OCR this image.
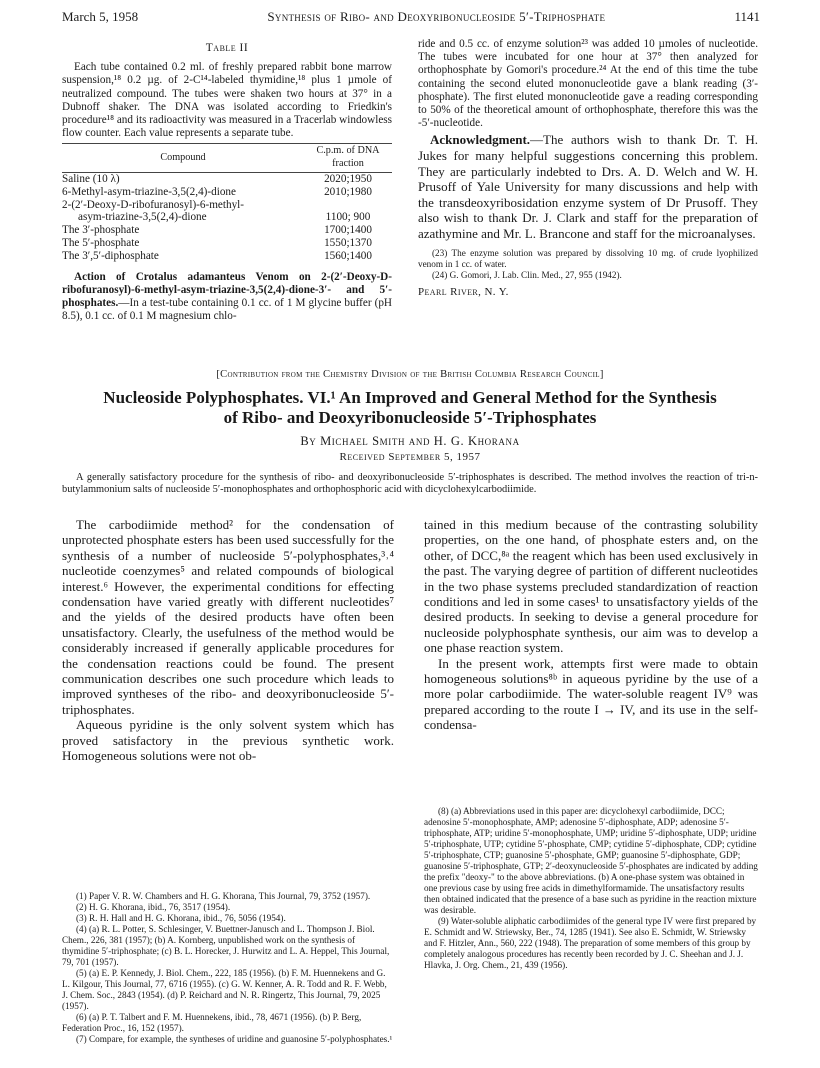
March 5, 1958	Synthesis of Ribo- and Deoxyribonucleoside 5′-Triphosphate	1141
Table II
Each tube contained 0.2 ml. of freshly prepared rabbit bone marrow suspension,¹⁸ 0.2 µg. of 2-C¹⁴-labeled thymidine,¹⁸ plus 1 µmole of neutralized compound. The tubes were shaken two hours at 37° in a Dubnoff shaker. The DNA was isolated according to Friedkin's procedure¹⁸ and its radioactivity was measured in a Tracerlab windowless flow counter. Each value represents a separate tube.
Compound	C.p.m. of DNA fraction
Saline (10 λ)	2020;1950
6-Methyl-asym-triazine-3,5(2,4)-dione	2010;1980
2-(2′-Deoxy-D-ribofuranosyl)-6-methyl-	
asym-triazine-3,5(2,4)-dione	1100; 900
The 3′-phosphate	1700;1400
The 5′-phosphate	1550;1370
The 3′,5′-diphosphate	1560;1400
Action of Crotalus adamanteus Venom on 2-(2′-Deoxy-D-ribofuranosyl)-6-methyl-asym-triazine-3,5(2,4)-dione-3′- and 5′-phosphates.—In a test-tube containing 0.1 cc. of 1 M glycine buffer (pH 8.5), 0.1 cc. of 0.1 M magnesium chlo-
ride and 0.5 cc. of enzyme solution²³ was added 10 µmoles of nucleotide. The tubes were incubated for one hour at 37° then analyzed for orthophosphate by Gomori's procedure.²⁴ At the end of this time the tube containing the second eluted mononucleotide gave a blank reading (3′-phosphate). The first eluted mononucleotide gave a reading corresponding to 50% of the theoretical amount of orthophosphate, therefore this was the -5′-nucleotide.
Acknowledgment.—The authors wish to thank Dr. T. H. Jukes for many helpful suggestions concerning this problem. They are particularly indebted to Drs. A. D. Welch and W. H. Prusoff of Yale University for many discussions and help with the transdeoxyribosidation enzyme system of Dr Prusoff. They also wish to thank Dr. J. Clark and staff for the preparation of azathymine and Mr. L. Brancone and staff for the microanalyses.

(23) The enzyme solution was prepared by dissolving 10 mg. of crude lyophilized venom in 1 cc. of water.

(24) G. Gomori, J. Lab. Clin. Med., 27, 955 (1942).

Pearl River, N. Y.
[Contribution from the Chemistry Division of the British Columbia Research Council]
Nucleoside Polyphosphates. VI.¹ An Improved and General Method for the Synthesis
of Ribo- and Deoxyribonucleoside 5′-Triphosphates
By Michael Smith and H. G. Khorana
Received September 5, 1957
A generally satisfactory procedure for the synthesis of ribo- and deoxyribonucleoside 5′-triphosphates is described. The method involves the reaction of tri-n-butylammonium salts of nucleoside 5′-monophosphates and orthophosphoric acid with dicyclohexylcarbodiimide.

The carbodiimide method² for the condensation of unprotected phosphate esters has been used successfully for the synthesis of a number of nucleoside 5′-polyphosphates,³˒⁴ nucleotide coenzymes⁵ and related compounds of biological interest.⁶ However, the experimental conditions for effecting condensation have varied greatly with different nucleotides⁷ and the yields of the desired products have often been unsatisfactory. Clearly, the usefulness of the method would be considerably increased if generally applicable procedures for the condensation reactions could be found. The present communication describes one such procedure which leads to improved syntheses of the ribo- and deoxyribonucleoside 5′-triphosphates.

Aqueous pyridine is the only solvent system which has proved satisfactory in the previous synthetic work. Homogeneous solutions were not ob-

tained in this medium because of the contrasting solubility properties, on the one hand, of phosphate esters and, on the other, of DCC,⁸ᵃ the reagent which has been used exclusively in the past. The varying degree of partition of different nucleotides in the two phase systems precluded standardization of reaction conditions and led in some cases¹ to unsatisfactory yields of the desired products. In seeking to devise a general procedure for nucleoside polyphosphate synthesis, our aim was to develop a one phase reaction system.

In the present work, attempts first were made to obtain homogeneous solutions⁸ᵇ in aqueous pyridine by the use of a more polar carbodiimide. The water-soluble reagent IV⁹ was prepared according to the route I → IV, and its use in the self-condensa-

(1) Paper V. R. W. Chambers and H. G. Khorana, This Journal, 79, 3752 (1957).

(2) H. G. Khorana, ibid., 76, 3517 (1954).

(3) R. H. Hall and H. G. Khorana, ibid., 76, 5056 (1954).

(4) (a) R. L. Potter, S. Schlesinger, V. Buettner-Janusch and L. Thompson J. Biol. Chem., 226, 381 (1957); (b) A. Kornberg, unpublished work on the synthesis of thymidine 5′-triphosphate; (c) B. L. Horecker, J. Hurwitz and L. A. Heppel, This Journal, 79, 701 (1957).

(5) (a) E. P. Kennedy, J. Biol. Chem., 222, 185 (1956). (b) F. M. Huennekens and G. L. Kilgour, This Journal, 77, 6716 (1955). (c) G. W. Kenner, A. R. Todd and R. F. Webb, J. Chem. Soc., 2843 (1954). (d) P. Reichard and N. R. Ringertz, This Journal, 79, 2025 (1957).

(6) (a) P. T. Talbert and F. M. Huennekens, ibid., 78, 4671 (1956). (b) P. Berg, Federation Proc., 16, 152 (1957).

(7) Compare, for example, the syntheses of uridine and guanosine 5′-polyphosphates.¹

(8) (a) Abbreviations used in this paper are: dicyclohexyl carbodiimide, DCC; adenosine 5′-monophosphate, AMP; adenosine 5′-diphosphate, ADP; adenosine 5′-triphosphate, ATP; uridine 5′-monophosphate, UMP; uridine 5′-diphosphate, UDP; uridine 5′-triphosphate, UTP; cytidine 5′-phosphate, CMP; cytidine 5′-diphosphate, CDP; cytidine 5′-triphosphate, CTP; guanosine 5′-phosphate, GMP; guanosine 5′-diphosphate, GDP; guanosine 5′-triphosphate, GTP; 2′-deoxynucleoside 5′-phosphates are indicated by adding the prefix "deoxy-" to the above abbreviations. (b) A one-phase system was obtained in one previous case by using free acids in dimethylformamide. The unsatisfactory results then obtained indicated that the presence of a base such as pyridine in the reaction mixture was desirable.

(9) Water-soluble aliphatic carbodiimides of the general type IV were first prepared by E. Schmidt and W. Striewsky, Ber., 74, 1285 (1941). See also E. Schmidt, W. Striewsky and F. Hitzler, Ann., 560, 222 (1948). The preparation of some members of this group by completely analogous procedures has recently been recorded by J. C. Sheehan and J. J. Hlavka, J. Org. Chem., 21, 439 (1956).
